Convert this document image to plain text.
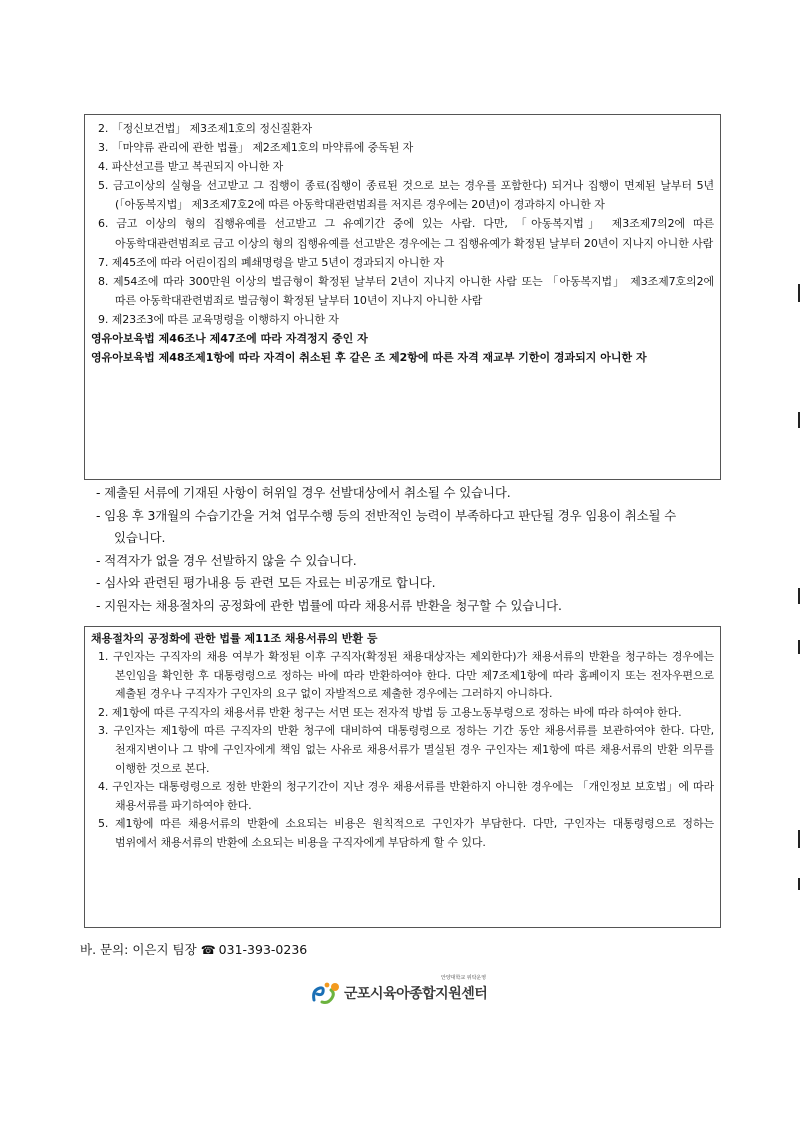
2. 「정신보건법」 제3조제1호의 정신질환자
3. 「마약류 관리에 관한 법률」 제2조제1호의 마약류에 중독된 자
4. 파산선고를 받고 복권되지 아니한 자
5. 금고이상의 실형을 선고받고 그 집행이 종료(집행이 종료된 것으로 보는 경우를 포함한다) 되거나 집행이 면제된 날부터 5년(「아동복지법」 제3조제7호2에 따른 아동학대관련범죄를 저지른 경우에는 20년)이 경과하지 아니한 자
6. 금고 이상의 형의 집행유예를 선고받고 그 유예기간 중에 있는 사람. 다만, 「아동복지법」 제3조제7의2에 따른 아동학대관련범죄로 금고 이상의 형의 집행유예를 선고받은 경우에는 그 집행유예가 확정된 날부터 20년이 지나지 아니한 사람
7. 제45조에 따라 어린이집의 폐쇄명령을 받고 5년이 경과되지 아니한 자
8. 제54조에 따라 300만원 이상의 벌금형이 확정된 날부터 2년이 지나지 아니한 사람 또는 「아동복지법」 제3조제7호의2에 따른 아동학대관련범죄로 벌금형이 확정된 날부터 10년이 지나지 아니한 사람
9. 제23조3에 따른 교육명령을 이행하지 아니한 자
영유아보육법 제46조나 제47조에 따라 자격정지 중인 자
영유아보육법 제48조제1항에 따라 자격이 취소된 후 같은 조 제2항에 따른 자격 재교부 기한이 경과되지 아니한 자
- 제출된 서류에 기재된 사항이 허위일 경우 선발대상에서 취소될 수 있습니다.
- 임용 후 3개월의 수습기간을 거쳐 업무수행 등의 전반적인 능력이 부족하다고 판단될 경우 임용이 취소될 수 있습니다.
- 적격자가 없을 경우 선발하지 않을 수 있습니다.
- 심사와 관련된 평가내용 등 관련 모든 자료는 비공개로 합니다.
- 지원자는 채용절차의 공정화에 관한 법률에 따라 채용서류 반환을 청구할 수 있습니다.
채용절차의 공정화에 관한 법률 제11조 채용서류의 반환 등
1. 구인자는 구직자의 채용 여부가 확정된 이후 구직자(확정된 채용대상자는 제외한다)가 채용서류의 반환을 청구하는 경우에는 본인임을 확인한 후 대통령령으로 정하는 바에 따라 반환하여야 한다. 다만 제7조제1항에 따라 홈페이지 또는 전자우편으로 제출된 경우나 구직자가 구인자의 요구 없이 자발적으로 제출한 경우에는 그러하지 아니하다.
2. 제1항에 따른 구직자의 채용서류 반환 청구는 서면 또는 전자적 방법 등 고용노동부령으로 정하는 바에 따라 하여야 한다.
3. 구인자는 제1항에 따른 구직자의 반환 청구에 대비하여 대통령령으로 정하는 기간 동안 채용서류를 보관하여야 한다. 다만, 천재지변이나 그 밖에 구인자에게 책임 없는 사유로 채용서류가 멸실된 경우 구인자는 제1항에 따른 채용서류의 반환 의무를 이행한 것으로 본다.
4. 구인자는 대통령령으로 정한 반환의 청구기간이 지난 경우 채용서류를 반환하지 아니한 경우에는 「개인정보 보호법」에 따라 채용서류를 파기하여야 한다.
5. 제1항에 따른 채용서류의 반환에 소요되는 비용은 원칙적으로 구인자가 부담한다. 다만, 구인자는 대통령령으로 정하는 범위에서 채용서류의 반환에 소요되는 비용을 구직자에게 부담하게 할 수 있다.
바. 문의: 이은지 팀장 ☎ 031-393-0236
안양대학교 위탁운영
군포시육아종합지원센터
